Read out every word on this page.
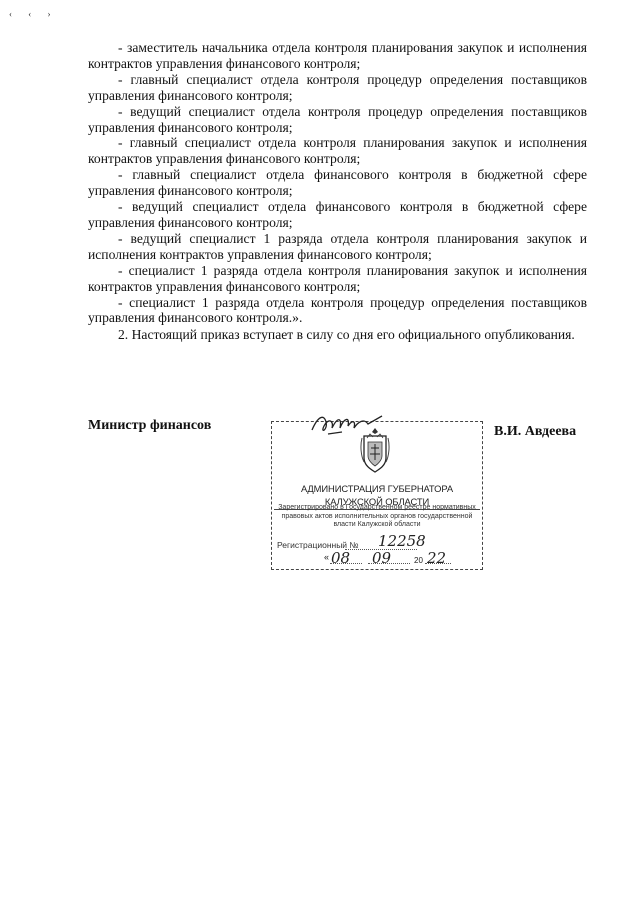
‹ ‹ ›

- заместитель начальника отдела контроля планирования закупок и исполнения контрактов управления финансового контроля;

- главный специалист отдела контроля процедур определения поставщиков управления финансового контроля;

- ведущий специалист отдела контроля процедур определения поставщиков управления финансового контроля;

- главный специалист отдела контроля планирования закупок и исполнения контрактов управления финансового контроля;

- главный специалист отдела финансового контроля в бюджетной сфере управления финансового контроля;

- ведущий специалист отдела финансового контроля в бюджетной сфере управления финансового контроля;

- ведущий специалист 1 разряда отдела контроля планирования закупок и исполнения контрактов управления финансового контроля;

- специалист 1 разряда отдела контроля планирования закупок и исполнения контрактов управления финансового контроля;

- специалист 1 разряда отдела контроля процедур определения поставщиков управления финансового контроля.».

2. Настоящий приказ вступает в силу со дня его официального опубликования.

Министр финансов	В.И. Авдеева
АДМИНИСТРАЦИЯ ГУБЕРНАТОРА КАЛУЖСКОЙ ОБЛАСТИ
Зарегистрировано в Государственном реестре нормативных правовых актов исполнительных органов государственной власти Калужской области
Регистрационный № 12258
« 08 09	20 22
